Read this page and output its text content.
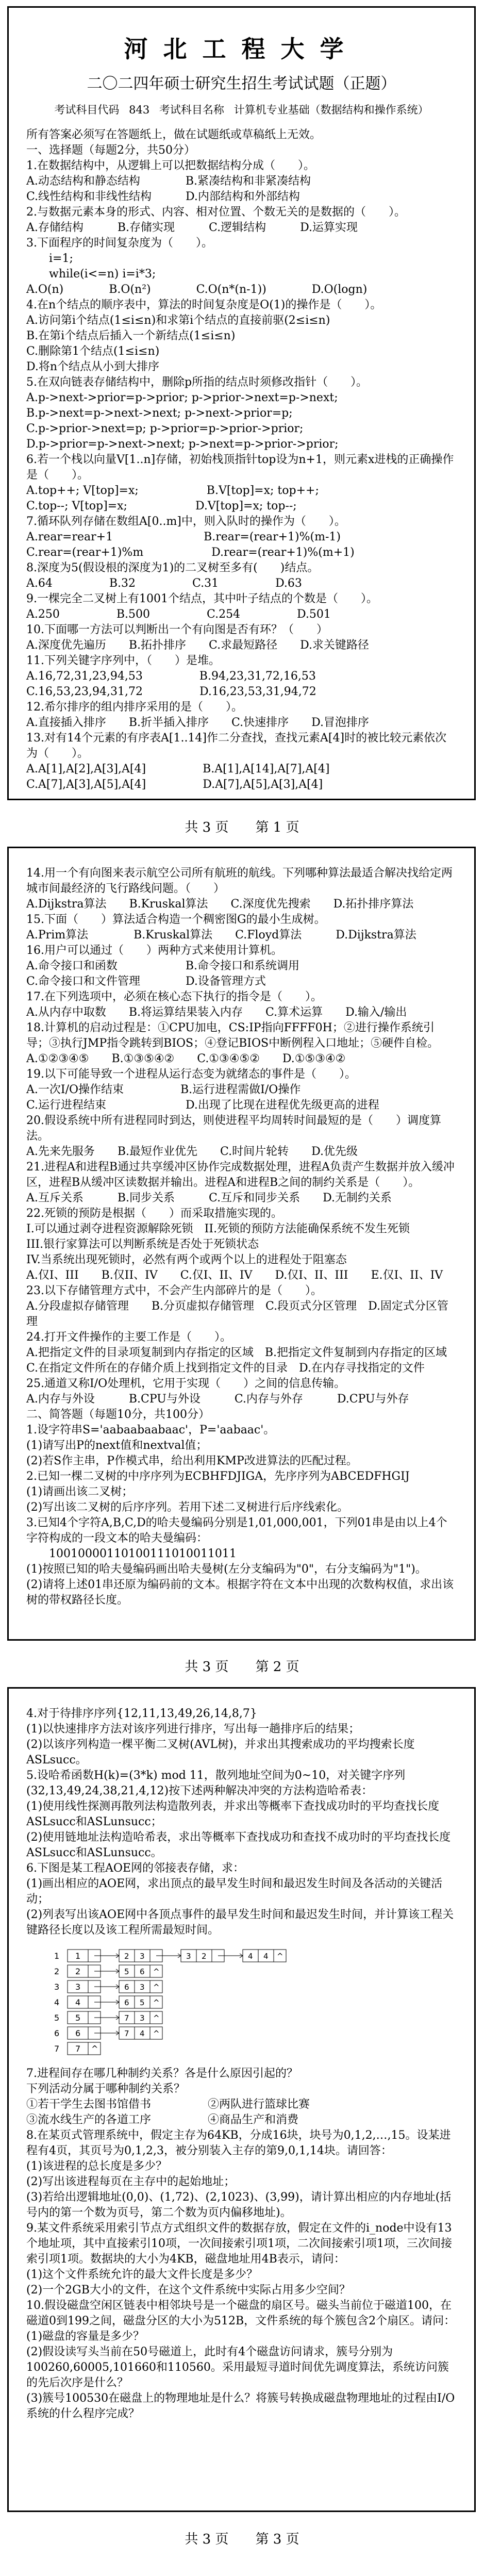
河北工程大学
二〇二四年硕士研究生招生考试试题（正题）
考试科目代码 843 考试科目名称 计算机专业基础（数据结构和操作系统）

所有答案必须写在答题纸上，做在试题纸或草稿纸上无效。

一、选择题（每题2分，共50分）

1.在数据结构中，从逻辑上可以把数据结构分成（　　）。

A.动态结构和静态结构　　　　B.紧凑结构和非紧凑结构

C.线性结构和非线性结构　　　D.内部结构和外部结构

2.与数据元素本身的形式、内容、相对位置、个数无关的是数据的（　　）。

A.存储结构　　　B.存储实现　　　C.逻辑结构　　　D.运算实现

3.下面程序的时间复杂度为（　　）。

　　i=1;

　　while(i<=n) i=i*3;

A.O(n)　　　　B.O(n²)　　　　C.O(n*(n-1))　　　　D.O(logn)

4.在n个结点的顺序表中，算法的时间复杂度是O(1)的操作是（　　）。

A.访问第i个结点(1≤i≤n)和求第i个结点的直接前驱(2≤i≤n)

B.在第i个结点后插入一个新结点(1≤i≤n)

C.删除第1个结点(1≤i≤n)

D.将n个结点从小到大排序

5.在双向链表存储结构中，删除p所指的结点时须修改指针（　　）。

A.p->next->prior=p->prior; p->prior->next=p->next;

B.p->next=p->next->next; p->next->prior=p;

C.p->prior->next=p; p->prior=p->prior->prior;

D.p->prior=p->next->next; p->next=p->prior->prior;

6.若一个栈以向量V[1..n]存储，初始栈顶指针top设为n+1，则元素x进栈的正确操作是（　　）。

A.top++; V[top]=x;　　　　　　B.V[top]=x; top++;

C.top--; V[top]=x;　　　　　　D.V[top]=x; top--;

7.循环队列存储在数组A[0..m]中，则入队时的操作为（　　）。

A.rear=rear+1　　　　　　　　B.rear=(rear+1)%(m-1)

C.rear=(rear+1)%m　　　　　　D.rear=(rear+1)%(m+1)

8.深度为5(假设根的深度为1)的二叉树至多有(　　)结点。

A.64　　　　　B.32　　　　　C.31　　　　　D.63

9.一棵完全二叉树上有1001个结点，其中叶子结点的个数是（　　）。

A.250　　　　　B.500　　　　　C.254　　　　　D.501

10.下面哪一方法可以判断出一个有向图是否有环？（　　）

A.深度优先遍历　　B.拓扑排序　　C.求最短路径　　D.求关键路径

11.下列关键字序列中，（　　）是堆。

A.16,72,31,23,94,53　　　　　B.94,23,31,72,16,53

C.16,53,23,94,31,72　　　　　D.16,23,53,31,94,72

12.希尔排序的组内排序采用的是（　　）。

A.直接插入排序　　B.折半插入排序　　C.快速排序　　D.冒泡排序

13.对有14个元素的有序表A[1..14]作二分查找，查找元素A[4]时的被比较元素依次为（　　）。

A.A[1],A[2],A[3],A[4]　　　　　B.A[1],A[14],A[7],A[4]

C.A[7],A[3],A[5],A[4]　　　　　D.A[7],A[5],A[3],A[4]

共 3 页　　第 1 页

14.用一个有向图来表示航空公司所有航班的航线。下列哪种算法最适合解决找给定两城市间最经济的飞行路线问题。（　　）

A.Dijkstra算法　　B.Kruskal算法　　C.深度优先搜索　　D.拓扑排序算法

15.下面（　　）算法适合构造一个稠密图G的最小生成树。

A.Prim算法　　　　B.Kruskal算法　　C.Floyd算法　　　D.Dijkstra算法

16.用户可以通过（　　）两种方式来使用计算机。

A.命令接口和函数　　　　　　B.命令接口和系统调用

C.命令接口和文件管理　　　　D.设备管理方式

17.在下列选项中，必须在核心态下执行的指令是（　　）。

A.从内存中取数　　B.将运算结果装入内存　　C.算术运算　　D.输入/输出

18.计算机的启动过程是：①CPU加电，CS:IP指向FFFF0H；②进行操作系统引导；③执行JMP指令跳转到BIOS；④登记BIOS中断例程入口地址；⑤硬件自检。

A.①②③④⑤　　B.①③⑤④②　　C.①③④⑤②　　D.①⑤③④②

19.以下可能导致一个进程从运行态变为就绪态的事件是（　　）。

A.一次I/O操作结束　　　　　B.运行进程需做I/O操作

C.运行进程结束　　　　　　　D.出现了比现在进程优先级更高的进程

20.假设系统中所有进程同时到达，则使进程平均周转时间最短的是（　　）调度算法。

A.先来先服务　　B.最短作业优先　　C.时间片轮转　　D.优先级

21.进程A和进程B通过共享缓冲区协作完成数据处理，进程A负责产生数据并放入缓冲区，进程B从缓冲区读数据并输出。进程A和进程B之间的制约关系是（　　）。

A.互斥关系　　　B.同步关系　　　C.互斥和同步关系　　D.无制约关系

22.死锁的预防是根据（　　）而采取措施实现的。

I.可以通过剥夺进程资源解除死锁　II.死锁的预防方法能确保系统不发生死锁

III.银行家算法可以判断系统是否处于死锁状态

IV.当系统出现死锁时，必然有两个或两个以上的进程处于阻塞态

A.仅I、III　　B.仅II、IV　　C.仅I、II、IV　　D.仅I、II、III　　E.仅I、II、IV

23.以下存储管理方式中，不会产生内部碎片的是（　　）。

A.分段虚拟存储管理　　B.分页虚拟存储管理　C.段页式分区管理　D.固定式分区管理

24.打开文件操作的主要工作是（　　）。

A.把指定文件的目录项复制到内存指定的区域　B.把指定文件复制到内存指定的区域

C.在指定文件所在的存储介质上找到指定文件的目录　D.在内存寻找指定的文件

25.通道又称I/O处理机，它用于实现（　　）之间的信息传输。

A.内存与外设　　　B.CPU与外设　　　C.内存与外存　　　D.CPU与外存

二、简答题（每题10分，共100分）

1.设字符串S='aabaabaabaac'，P='aabaac'。

(1)请写出P的next值和nextval值；

(2)若S作主串，P作模式串，给出利用KMP改进算法的匹配过程。

2.已知一棵二叉树的中序序列为ECBHFDJIGA，先序序列为ABCEDFHGIJ

(1)请画出该二叉树；

(2)写出该二叉树的后序序列。若用下述二叉树进行后序线索化。

3.已知4个字符A,B,C,D的哈夫曼编码分别是1,01,000,001，下列01串是由以上4个字符构成的一段文本的哈夫曼编码：

　　10010000110100111010011011

(1)按照已知的哈夫曼编码画出哈夫曼树(左分支编码为"0"，右分支编码为"1")。

(2)请将上述01串还原为编码前的文本。根据字符在文本中出现的次数构权值，求出该树的带权路径长度。

共 3 页　　第 2 页

4.对于待排序序列{12,11,13,49,26,14,8,7}

(1)以快速排序方法对该序列进行排序，写出每一趟排序后的结果；

(2)以该序列构造一棵平衡二叉树(AVL树)，并求出其搜索成功的平均搜索长度ASLsucc。

5.设哈希函数H(k)=(3*k) mod 11，散列地址空间为0~10，对关键字序列(32,13,49,24,38,21,4,12)按下述两种解决冲突的方法构造哈希表：

(1)使用线性探测再散列法构造散列表，并求出等概率下查找成功时的平均查找长度ASLsucc和ASLunsucc；

(2)使用链地址法构造哈希表，求出等概率下查找成功和查找不成功时的平均查找长度ASLsucc和ASLunsucc。

6.下图是某工程AOE网的邻接表存储，求：

(1)画出相应的AOE网，求出顶点的最早发生时间和最迟发生时间及各活动的关键活动；

(2)列表写出该AOE网中各顶点事件的最早发生时间和最迟发生时间，并计算该工程关键路径长度以及该工程所需最短时间。

1 1	2 3	3 2	4 4 ^
2 2	5 6 ^
3 3	6 3 ^
4 4	6 5 ^
5 5	7 3 ^
6 6	7 4 ^
7 7 ^

7.进程间存在哪几种制约关系？各是什么原因引起的？

下列活动分属于哪种制约关系？

①若干学生去图书馆借书　　　　　②两队进行篮球比赛

③流水线生产的各道工序　　　　　④商品生产和消费

8.在某页式管理系统中，假定主存为64KB，分成16块，块号为0,1,2,…,15。设某进程有4页，其页号为0,1,2,3，被分别装入主存的第9,0,1,14块。请回答：

(1)该进程的总长度是多少？

(2)写出该进程每页在主存中的起始地址；

(3)若给出逻辑地址(0,0)、(1,72)、(2,1023)、(3,99)，请计算出相应的内存地址(括号内的第一个数为页号，第二个数为页内偏移地址)。

9.某文件系统采用索引节点方式组织文件的数据存放，假定在文件的i_node中设有13个地址项，其中直接索引10项，一次间接索引项1项，二次间接索引项1项，三次间接索引项1项。数据块的大小为4KB，磁盘地址用4B表示，请问：

(1)这个文件系统允许的最大文件长度是多少？

(2)一个2GB大小的文件，在这个文件系统中实际占用多少空间？

10.假设磁盘空闲区链表中相邻块号是一个磁盘的扇区号。磁头当前位于磁道100，在磁道0到199之间，磁盘分区的大小为512B，文件系统的每个簇包含2个扇区。请问：

(1)磁盘的容量是多少？

(2)假设读写头当前在50号磁道上，此时有4个磁盘访问请求，簇号分别为100260,60005,101660和110560。采用最短寻道时间优先调度算法，系统访问簇的先后次序是什么？

(3)簇号100530在磁盘上的物理地址是什么？将簇号转换成磁盘物理地址的过程由I/O系统的什么程序完成？

共 3 页　　第 3 页
